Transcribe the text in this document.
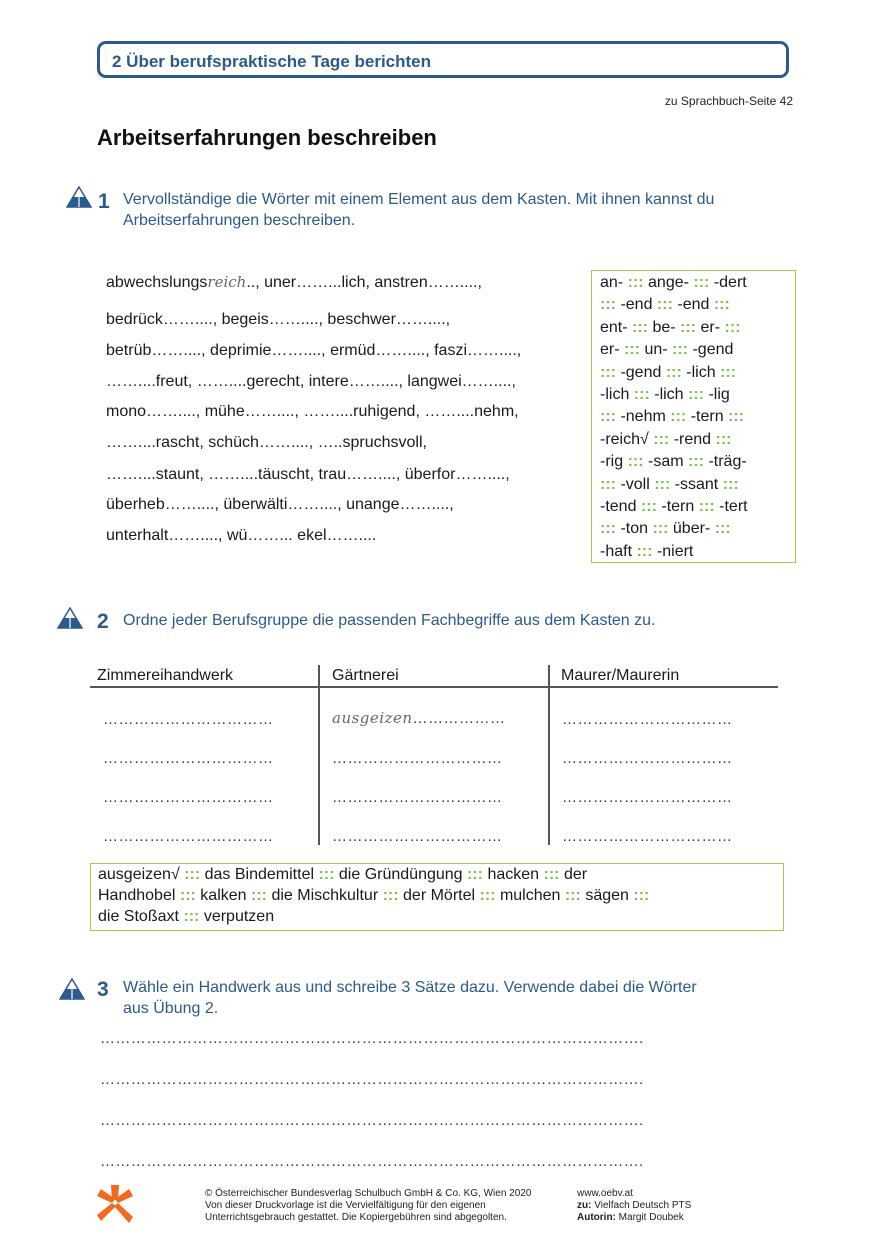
2 Über berufspraktische Tage berichten
zu Sprachbuch-Seite 42
Arbeitserfahrungen beschreiben
1 Vervollständige die Wörter mit einem Element aus dem Kasten. Mit ihnen kannst du
Arbeitserfahrungen beschreiben.
abwechslungsreich.., uner……...lich, anstren……....,
bedrück……...., begeis……...., beschwer……....,
betrüb……...., deprimie……...., ermüd……...., faszi……....,
……....freut, ……....gerecht, intere……...., langwei……....,
mono……...., mühe……...., ……....ruhigend, ……....nehm,
……....rascht, schüch……...., …..spruchsvoll,
……....staunt, ……....täuscht, trau……...., überfor……....,
überheb……...., überwälti……...., unange……....,
unterhalt……...., wü……... ekel……....
an- ::: ange- ::: -dert
::: -end ::: -end :::
ent- ::: be- ::: er- :::
er- ::: un- ::: -gend
::: -gend ::: -lich :::
-lich ::: -lich ::: -lig
::: -nehm ::: -tern :::
-reich√ ::: -rend :::
-rig ::: -sam ::: -träg-
::: -voll ::: -ssant :::
-tend ::: -tern ::: -tert
::: -ton ::: über- :::
-haft ::: -niert
2 Ordne jeder Berufsgruppe die passenden Fachbegriffe aus dem Kasten zu.
Zimmereihandwerk	Gärtnerei	Maurer/Maurerin
……………………………	ausgeizen………………	……………………………
……………………………	……………………………	……………………………
……………………………	……………………………	……………………………
……………………………	……………………………	……………………………
ausgeizen√ ::: das Bindemittel ::: die Gründüngung ::: hacken ::: der
Handhobel ::: kalken ::: die Mischkultur ::: der Mörtel ::: mulchen ::: sägen :::
die Stoßaxt ::: verputzen
3 Wähle ein Handwerk aus und schreibe 3 Sätze dazu. Verwende dabei die Wörter
aus Übung 2.
…………………………………………………………………………………………….
…………………………………………………………………………………………….
…………………………………………………………………………………………….
…………………………………………………………………………………………….
© Österreichischer Bundesverlag Schulbuch GmbH & Co. KG, Wien 2020
Von dieser Druckvorlage ist die Vervielfältigung für den eigenen
Unterrichtsgebrauch gestattet. Die Kopiergebühren sind abgegolten.
www.oebv.at
zu: Vielfach Deutsch PTS
Autorin: Margit Doubek
